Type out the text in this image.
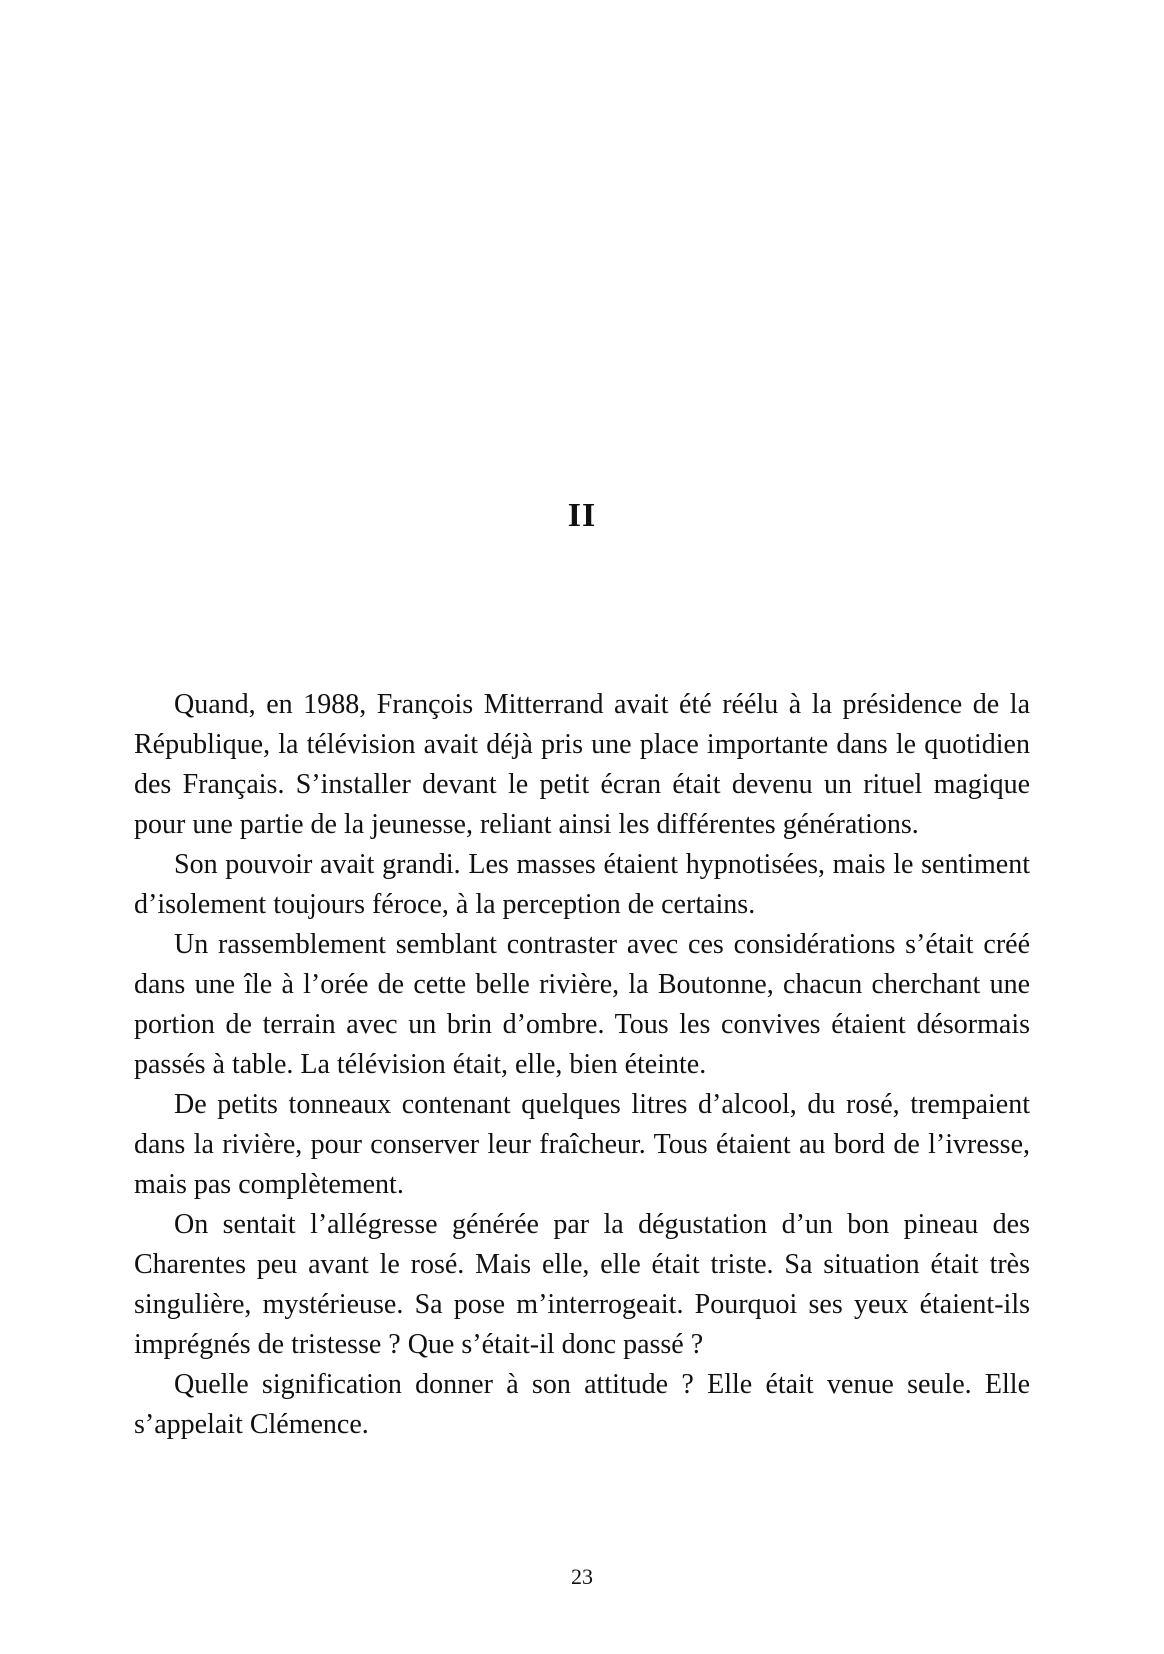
II

Quand, en 1988, François Mitterrand avait été réélu à la présidence de la République, la télévision avait déjà pris une place importante dans le quotidien des Français. S’installer devant le petit écran était devenu un rituel magique pour une partie de la jeunesse, reliant ainsi les différentes générations.

Son pouvoir avait grandi. Les masses étaient hypnotisées, mais le sentiment d’isolement toujours féroce, à la perception de certains.

Un rassemblement semblant contraster avec ces considérations s’était créé dans une île à l’orée de cette belle rivière, la Boutonne, chacun cherchant une portion de terrain avec un brin d’ombre. Tous les convives étaient désormais passés à table. La télévision était, elle, bien éteinte.

De petits tonneaux contenant quelques litres d’alcool, du rosé, trempaient dans la rivière, pour conserver leur fraîcheur. Tous étaient au bord de l’ivresse, mais pas complètement.

On sentait l’allégresse générée par la dégustation d’un bon pineau des Charentes peu avant le rosé. Mais elle, elle était triste. Sa situation était très singulière, mystérieuse. Sa pose m’interrogeait. Pourquoi ses yeux étaient-ils imprégnés de tristesse ? Que s’était-il donc passé ?

Quelle signification donner à son attitude ? Elle était venue seule. Elle s’appelait Clémence.

23
